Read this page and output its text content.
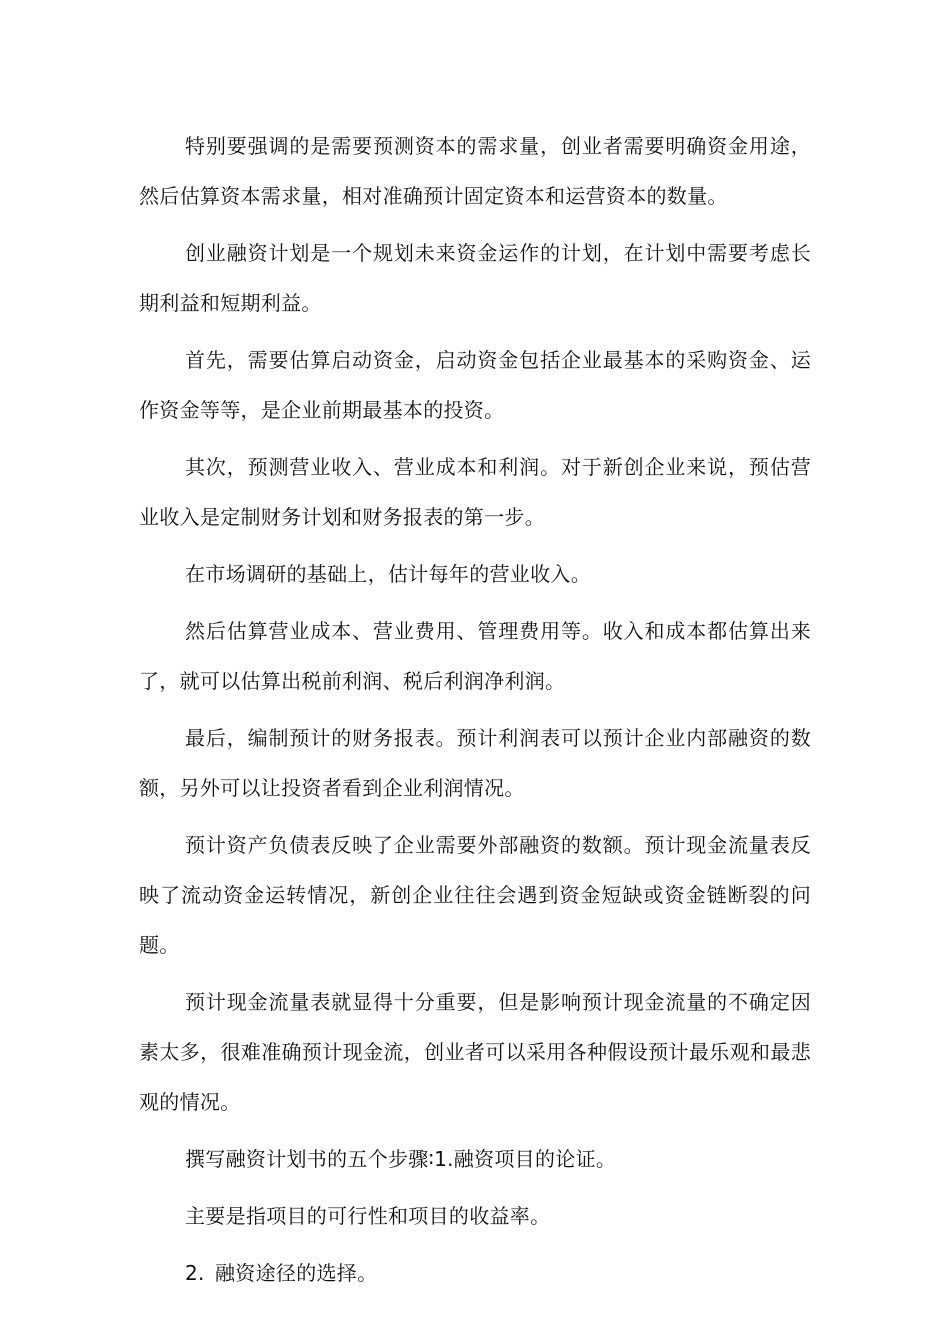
特别要强调的是需要预测资本的需求量，创业者需要明确资金用途，然后估算资本需求量，相对准确预计固定资本和运营资本的数量。

创业融资计划是一个规划未来资金运作的计划，在计划中需要考虑长期利益和短期利益。

首先，需要估算启动资金，启动资金包括企业最基本的采购资金、运作资金等等，是企业前期最基本的投资。

其次，预测营业收入、营业成本和利润。对于新创企业来说，预估营业收入是定制财务计划和财务报表的第一步。

在市场调研的基础上，估计每年的营业收入。

然后估算营业成本、营业费用、管理费用等。收入和成本都估算出来了，就可以估算出税前利润、税后利润净利润。

最后，编制预计的财务报表。预计利润表可以预计企业内部融资的数额，另外可以让投资者看到企业利润情况。

预计资产负债表反映了企业需要外部融资的数额。预计现金流量表反映了流动资金运转情况，新创企业往往会遇到资金短缺或资金链断裂的问题。

预计现金流量表就显得十分重要，但是影响预计现金流量的不确定因素太多，很难准确预计现金流，创业者可以采用各种假设预计最乐观和最悲观的情况。

撰写融资计划书的五个步骤∶1.融资项目的论证。

主要是指项目的可行性和项目的收益率。

2. 融资途径的选择。
